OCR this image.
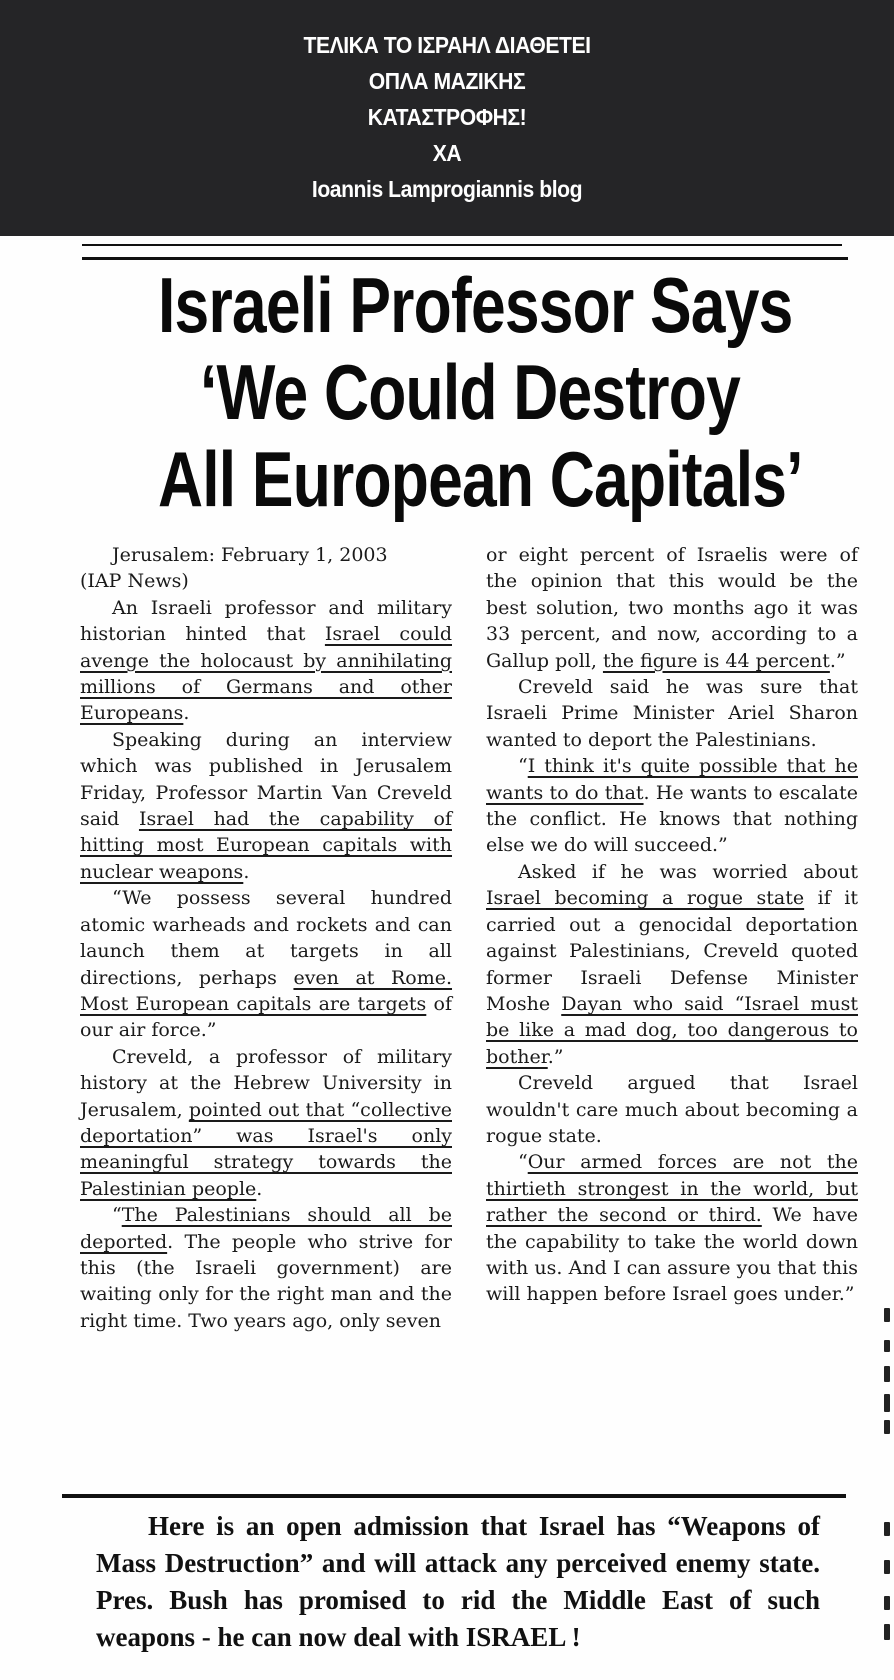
ΤΕΛΙΚΑ ΤΟ ΙΣΡΑΗΛ ΔΙΑΘΕΤΕΙ
ΟΠΛΑ ΜΑΖΙΚΗΣ
ΚΑΤΑΣΤΡΟΦΗΣ!
ΧΑ
Ioannis Lamprogiannis blog
Israeli Professor Says
‘We Could Destroy
All European Capitals’

Jerusalem: February 1, 2003

(IAP News)

An Israeli professor and military historian hinted that Israel could avenge the holocaust by annihilating millions of Germans and other Europeans.

Speaking during an interview which was published in Jerusalem Friday, Professor Martin Van Creveld said Israel had the capability of hitting most European capitals with nuclear weapons.

“We possess several hundred atomic warheads and rockets and can launch them at targets in all directions, perhaps even at Rome. Most European capitals are targets of our air force.”

Creveld, a professor of military history at the Hebrew University in Jerusalem, pointed out that “collective deportation” was Israel's only meaningful strategy towards the Palestinian people.

“The Palestinians should all be deported. The people who strive for this (the Israeli government) are waiting only for the right man and the right time. Two years ago, only seven

or eight percent of Israelis were of the opinion that this would be the best solution, two months ago it was 33 percent, and now, according to a Gallup poll, the figure is 44 percent.”

Creveld said he was sure that Israeli Prime Minister Ariel Sharon wanted to deport the Palestinians.

“I think it's quite possible that he wants to do that. He wants to escalate the conflict. He knows that nothing else we do will succeed.”

Asked if he was worried about Israel becoming a rogue state if it carried out a genocidal deportation against Palestinians, Creveld quoted former Israeli Defense Minister Moshe Dayan who said “Israel must be like a mad dog, too dangerous to bother.”

Creveld argued that Israel wouldn't care much about becoming a rogue state.

“Our armed forces are not the thirtieth strongest in the world, but rather the second or third. We have the capability to take the world down with us. And I can assure you that this will happen before Israel goes under.”

Here is an open admission that Israel has “Weapons of Mass Destruction” and will attack any perceived enemy state. Pres. Bush has promised to rid the Middle East of such weapons - he can now deal with ISRAEL !
